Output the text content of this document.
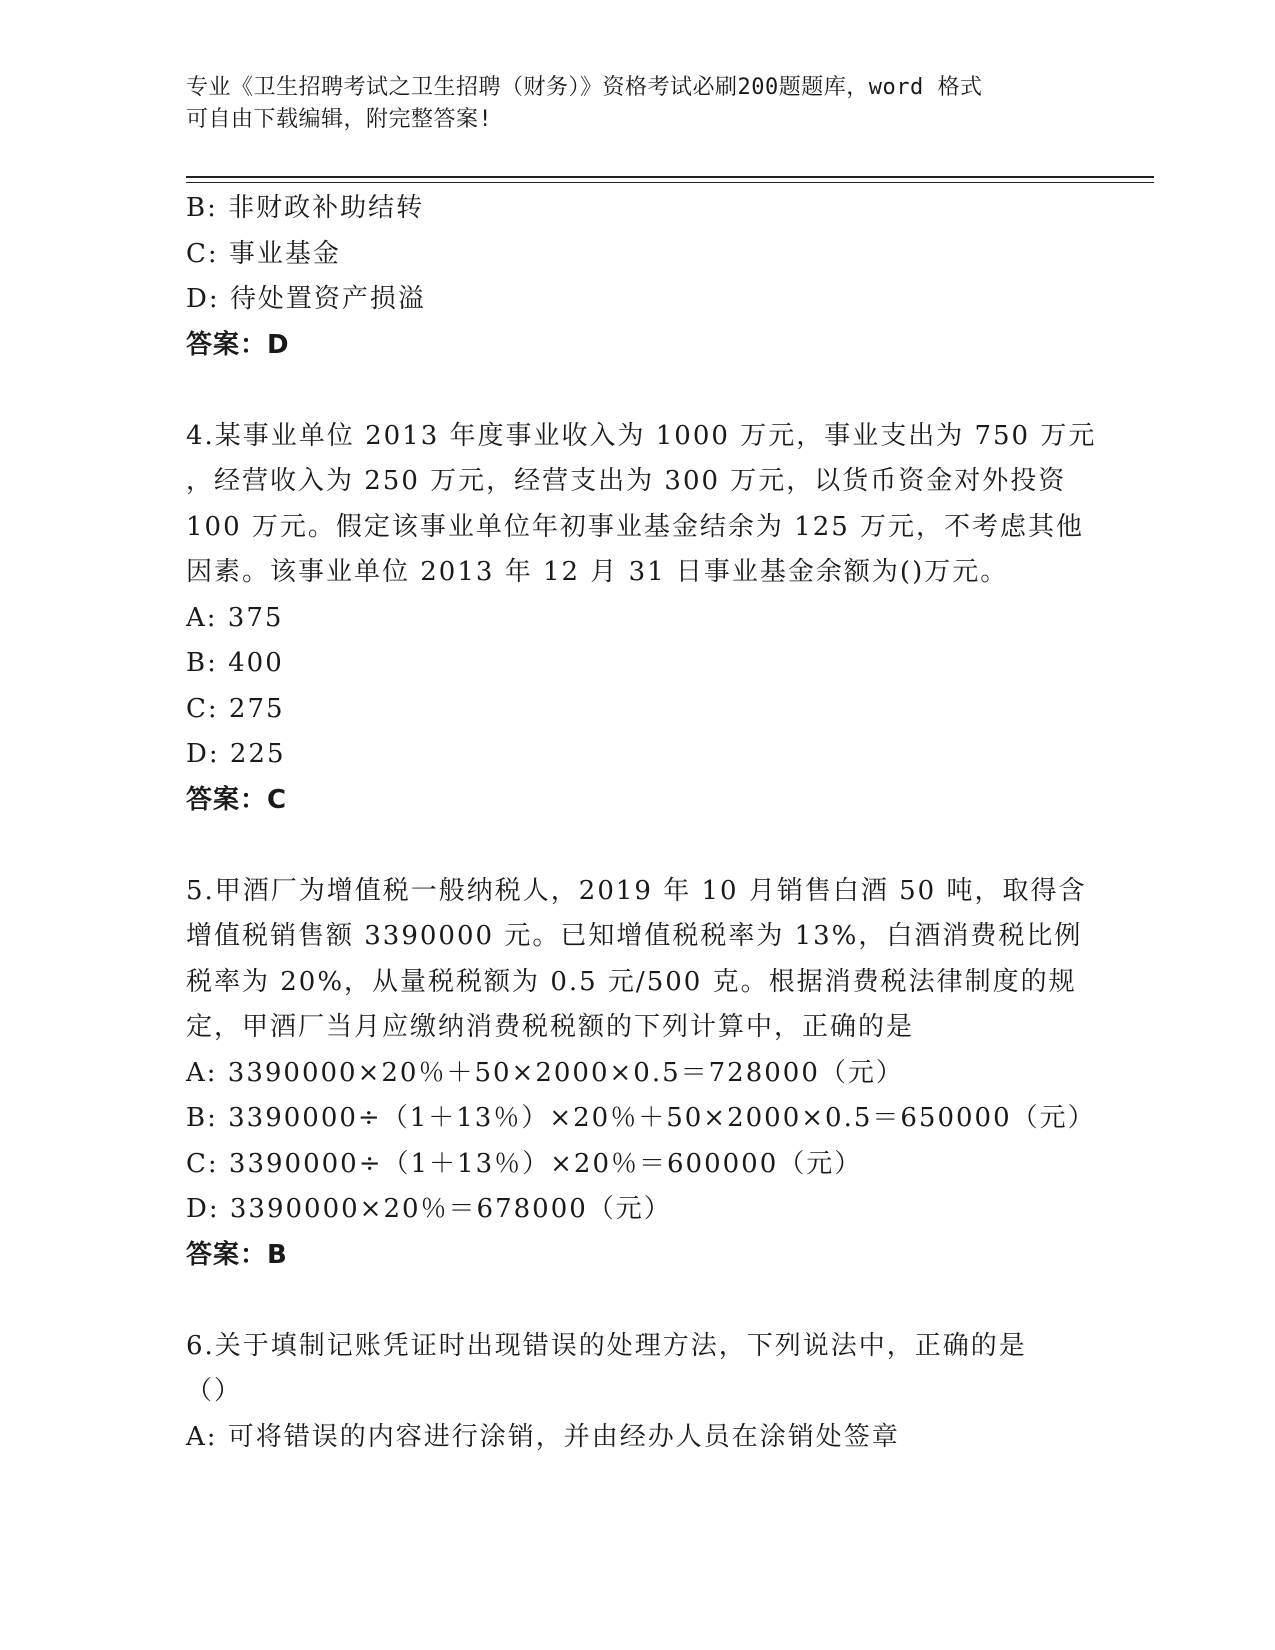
专业《卫生招聘考试之卫生招聘（财务）》资格考试必刷200题题库，word 格式
可自由下载编辑，附完整答案!
B: 非财政补助结转
C: 事业基金
D: 待处置资产损溢
答案：D
4.某事业单位 2013 年度事业收入为 1000 万元，事业支出为 750 万元
，经营收入为 250 万元，经营支出为 300 万元，以货币资金对外投资
100 万元。假定该事业单位年初事业基金结余为 125 万元，不考虑其他
因素。该事业单位 2013 年 12 月 31 日事业基金余额为()万元。
A: 375
B: 400
C: 275
D: 225
答案：C
5.甲酒厂为增值税一般纳税人，2019 年 10 月销售白酒 50 吨，取得含
增值税销售额 3390000 元。已知增值税税率为 13%，白酒消费税比例
税率为 20%，从量税税额为 0.5 元/500 克。根据消费税法律制度的规
定，甲酒厂当月应缴纳消费税税额的下列计算中，正确的是
A: 3390000×20％＋50×2000×0.5＝728000（元）
B: 3390000÷（1＋13％）×20％＋50×2000×0.5＝650000（元）
C: 3390000÷（1＋13％）×20％＝600000（元）
D: 3390000×20％＝678000（元）
答案：B
6.关于填制记账凭证时出现错误的处理方法，下列说法中，正确的是
（）
A: 可将错误的内容进行涂销，并由经办人员在涂销处签章
